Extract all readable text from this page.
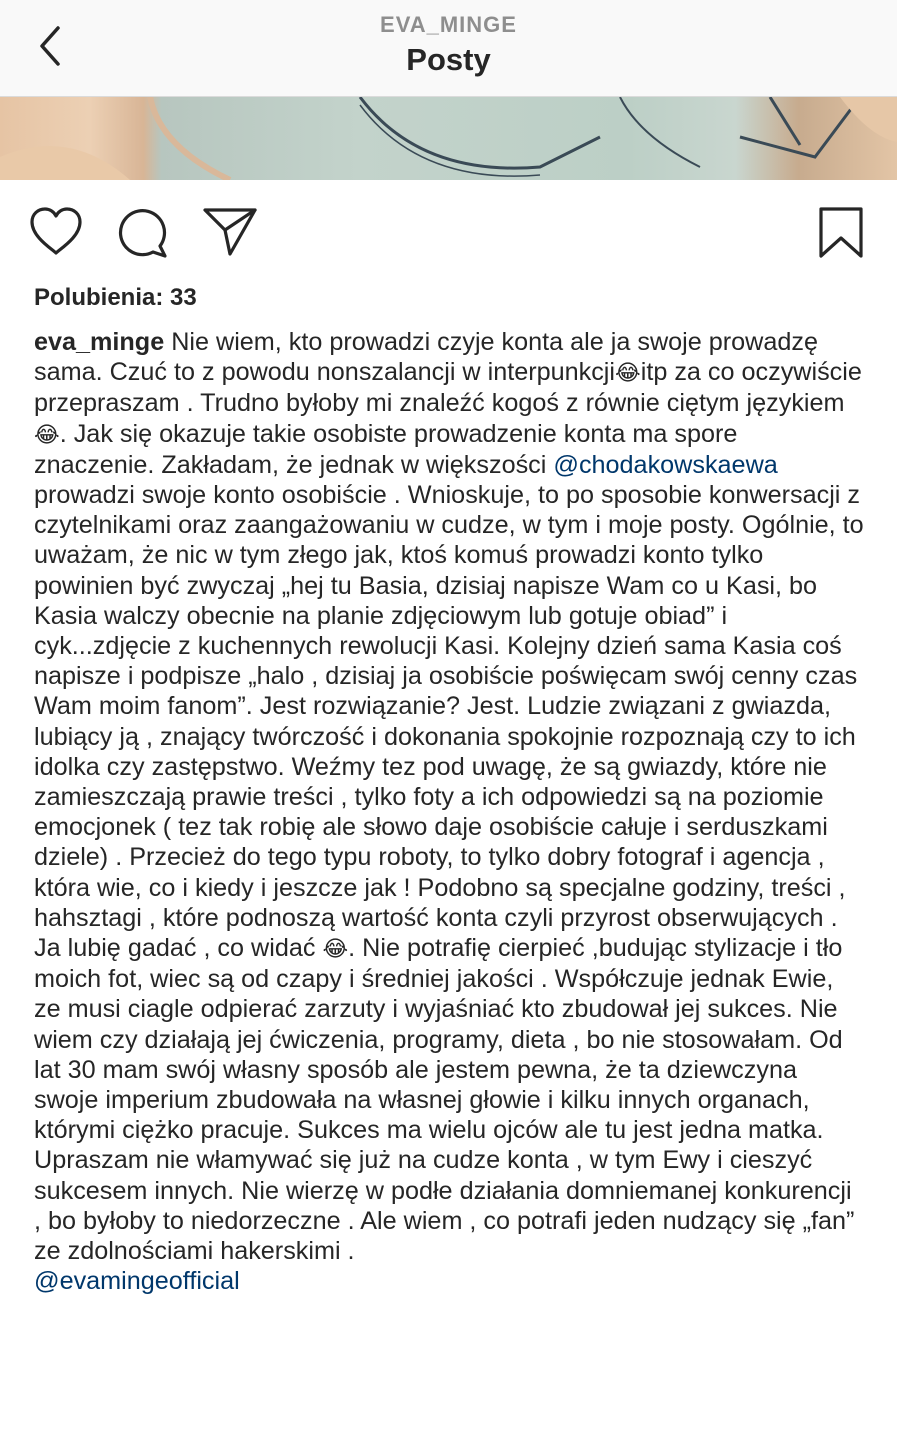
EVA_MINGE
Posty
Polubienia: 33

eva_minge Nie wiem, kto prowadzi czyje konta ale ja swoje prowadzę sama. Czuć to z powodu nonszalancji w interpunkcji😂itp za co oczywiście przepraszam . Trudno byłoby mi znaleźć kogoś z równie ciętym językiem 😂. Jak się okazuje takie osobiste prowadzenie konta ma spore znaczenie. Zakładam, że jednak w większości @chodakowskaewa prowadzi swoje konto osobiście . Wnioskuje, to po sposobie konwersacji z czytelnikami oraz zaangażowaniu w cudze, w tym i moje posty. Ogólnie, to uważam, że nic w tym złego jak, ktoś komuś prowadzi konto tylko powinien być zwyczaj „hej tu Basia, dzisiaj napisze Wam co u Kasi, bo Kasia walczy obecnie na planie zdjęciowym lub gotuje obiad” i cyk...zdjęcie z kuchennych rewolucji Kasi. Kolejny dzień sama Kasia coś napisze i podpisze „halo , dzisiaj ja osobiście poświęcam swój cenny czas Wam moim fanom”. Jest rozwiązanie? Jest. Ludzie związani z gwiazda, lubiący ją , znający twórczość i dokonania spokojnie rozpoznają czy to ich idolka czy zastępstwo. Weźmy tez pod uwagę, że są gwiazdy, które nie zamieszczają prawie treści , tylko foty a ich odpowiedzi są na poziomie emocjonek ( tez tak robię ale słowo daje osobiście całuje i serduszkami dziele) . Przecież do tego typu roboty, to tylko dobry fotograf i agencja , która wie, co i kiedy i jeszcze jak ! Podobno są specjalne godziny, treści , hahsztagi , które podnoszą wartość konta czyli przyrost obserwujących . Ja lubię gadać , co widać 😂. Nie potrafię cierpieć ,budując stylizacje i tło moich fot, wiec są od czapy i średniej jakości . Współczuje jednak Ewie, ze musi ciagle odpierać zarzuty i wyjaśniać kto zbudował jej sukces. Nie wiem czy działają jej ćwiczenia, programy, dieta , bo nie stosowałam. Od lat 30 mam swój własny sposób ale jestem pewna, że ta dziewczyna swoje imperium zbudowała na własnej głowie i kilku innych organach, którymi ciężko pracuje. Sukces ma wielu ojców ale tu jest jedna matka. Upraszam nie włamywać się już na cudze konta , w tym Ewy i cieszyć sukcesem innych. Nie wierzę w podłe działania domniemanej konkurencji , bo byłoby to niedorzeczne . Ale wiem , co potrafi jeden nudzący się „fan” ze zdolnościami hakerskimi .
@evamingeofficial
